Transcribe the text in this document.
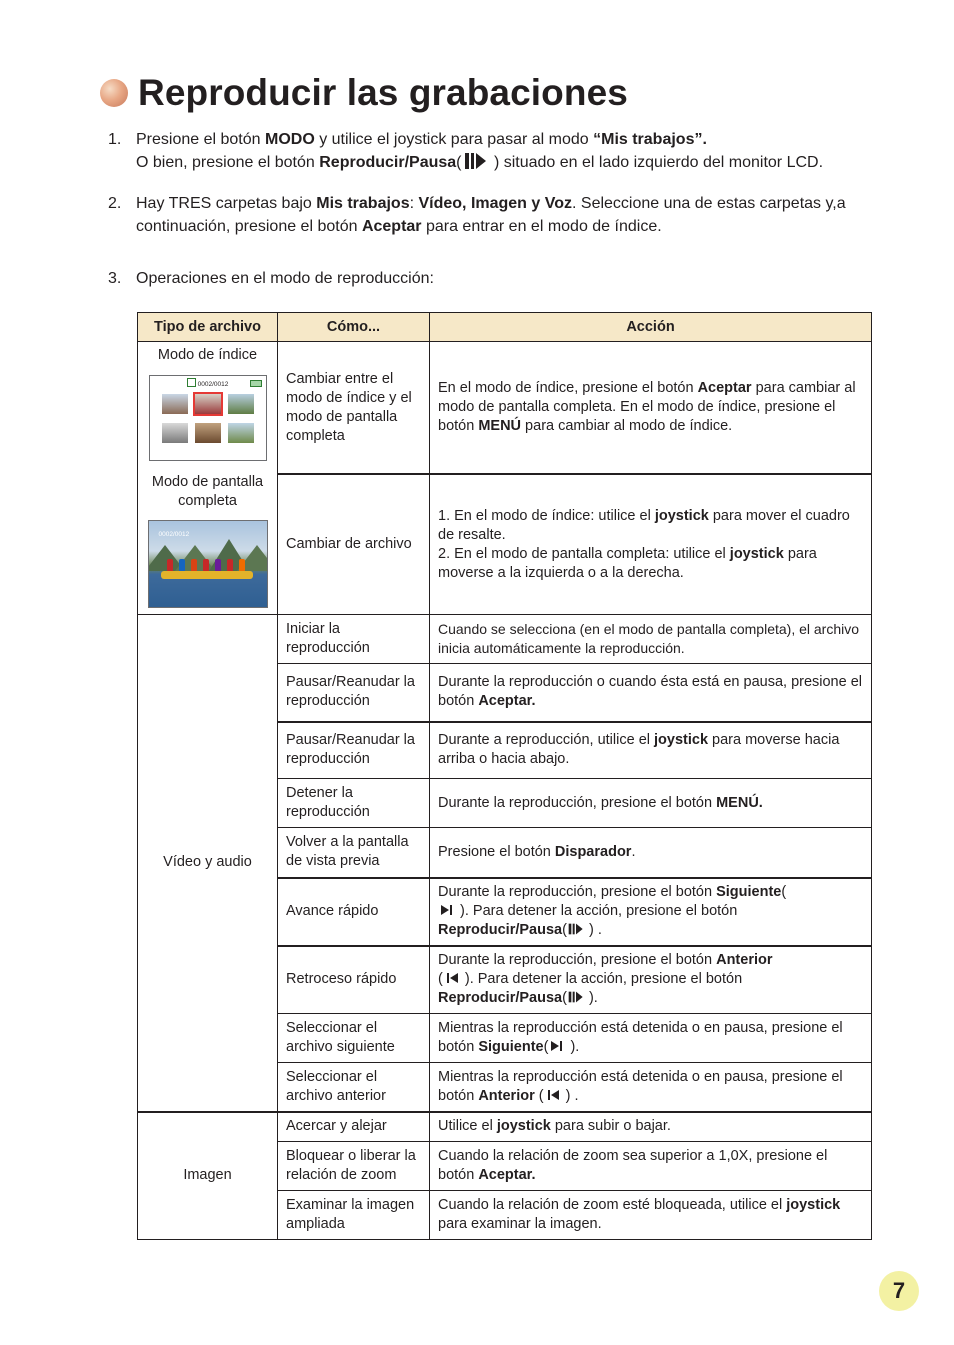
Reproducir las grabaciones
1. Presione el botón MODO y utilice el joystick para pasar al modo “Mis trabajos”.
O bien, presione el botón Reproducir/Pausa( ) situado en el lado izquierdo del monitor LCD.
2. Hay TRES carpetas bajo Mis trabajos: Vídeo, Imagen y Voz. Seleccione una de estas carpetas y,a continuación, presione el botón Aceptar para entrar en el modo de índice.
3. Operaciones en el modo de reproducción:
Tipo de archivo	Cómo...	Acción

Modo de índice
0002/0012
Modo de pantalla completa
0002/0012	Cambiar entre el modo de índice y el modo de pantalla completa	En el modo de índice, presione el botón Aceptar para cambiar al modo de pantalla completa. En el modo de índice, presione el botón MENÚ para cambiar al modo de índice.
	Cambiar de archivo	1. En el modo de índice: utilice el joystick para mover el cuadro de resalte.
2. En el modo de pantalla completa: utilice el joystick para moverse a la izquierda o a la derecha.
Vídeo y audio	Iniciar la reproducción	Cuando se selecciona (en el modo de pantalla completa), el archivo inicia automáticamente la reproducción.
	Pausar/Reanudar la reproducción	Durante la reproducción o cuando ésta está en pausa, presione el botón Aceptar.
	Pausar/Reanudar la reproducción	Durante a reproducción, utilice el joystick para moverse hacia arriba o hacia abajo.
	Detener la reproducción	Durante la reproducción, presione el botón MENÚ.
	Volver a la pantalla de vista previa	Presione el botón Disparador.
	Avance rápido	Durante la reproducción, presione el botón Siguiente(
). Para detener la acción, presione el botón
Reproducir/Pausa( ) .
	Retroceso rápido	Durante la reproducción, presione el botón Anterior
( ). Para detener la acción, presione el botón
Reproducir/Pausa( ).
	Seleccionar el archivo siguiente	Mientras la reproducción está detenida o en pausa, presione el botón Siguiente( ).
	Seleccionar el archivo anterior	Mientras la reproducción está detenida o en pausa, presione el botón Anterior ( ) .
Imagen	Acercar y alejar	Utilice el joystick para subir o bajar.
	Bloquear o liberar la relación de zoom	Cuando la relación de zoom sea superior a 1,0X, presione el botón Aceptar.
	Examinar la imagen ampliada	Cuando la relación de zoom esté bloqueada, utilice el joystick para examinar la imagen.
7
